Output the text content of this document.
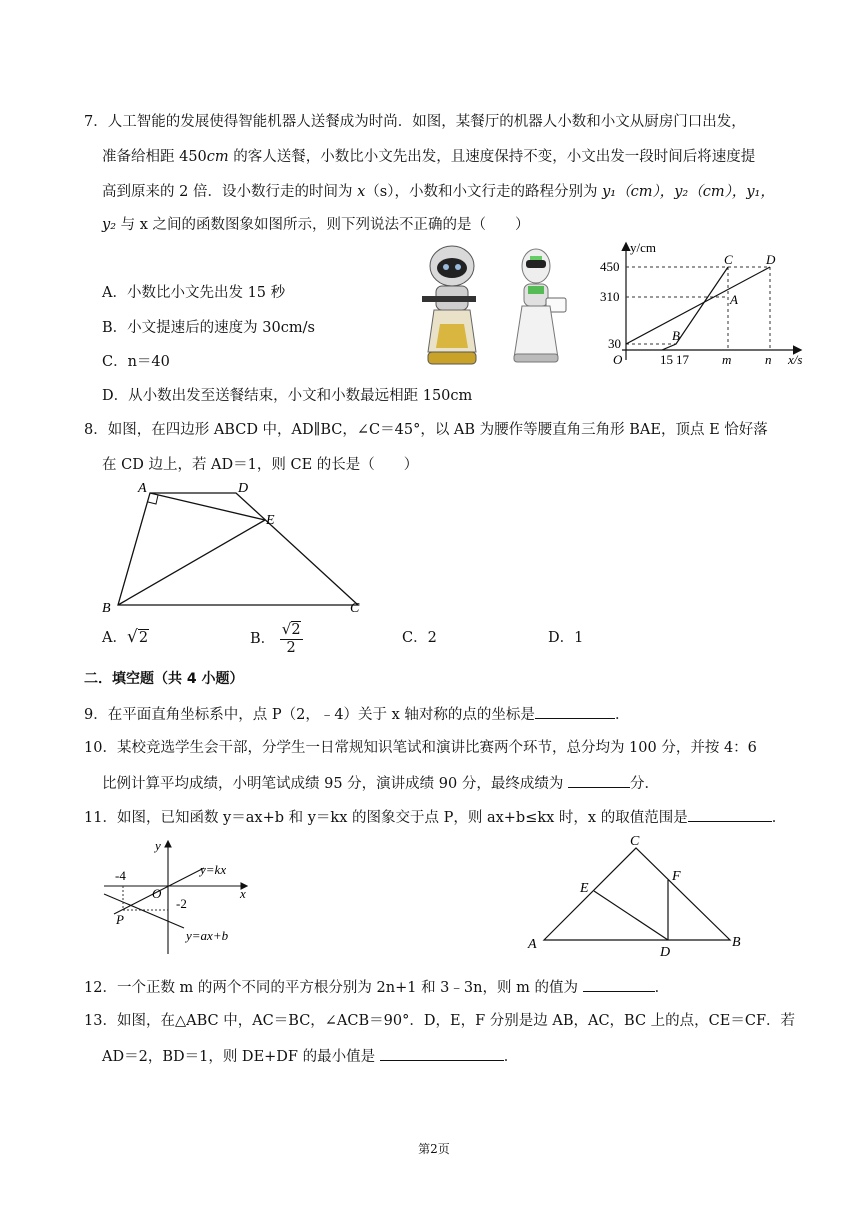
7．人工智能的发展使得智能机器人送餐成为时尚．如图，某餐厅的机器人小数和小文从厨房门口出发，
准备给相距 450cm 的客人送餐，小数比小文先出发，且速度保持不变，小文出发一段时间后将速度提
高到原来的 2 倍．设小数行走的时间为 x（s），小数和小文行走的路程分别为 y₁（cm），y₂（cm），y₁，
y₂ 与 x 之间的函数图象如图所示，则下列说法不正确的是（　　）
A．小数比小文先出发 15 秒
B．小文提速后的速度为 30cm/s
C．n＝40
D．从小数出发至送餐结束，小文和小数最远相距 150cm
y/cm
x/s
450
310
30
O	15 17	m	n
C	D
A
B
8．如图，在四边形 ABCD 中，AD∥BC，∠C＝45°，以 AB 为腰作等腰直角三角形 BAE，顶点 E 恰好落
在 CD 边上，若 AD＝1，则 CE 的长是（　　）
A	D
E
B	C
A．√2	B． $\frac{√2}{2}$	C．2	D．1
二．填空题（共 4 小题）
9．在平面直角坐标系中，点 P（2，﹣4）关于 x 轴对称的点的坐标是	．
10．某校竞选学生会干部，分学生一日常规知识笔试和演讲比赛两个环节，总分均为 100 分，并按 4：6
比例计算平均成绩，小明笔试成绩 95 分，演讲成绩 90 分，最终成绩为	分．
11．如图，已知函数 y＝ax+b 和 y＝kx 的图象交于点 P，则 ax+b≤kx 时，x 的取值范围是	．
y
x
O
-4
-2
P
y=kx
y=ax+b
C
E
F
A
D
B
12．一个正数 m 的两个不同的平方根分别为 2n+1 和 3﹣3n，则 m 的值为	．
13．如图，在△ABC 中，AC＝BC，∠ACB＝90°．D，E，F 分别是边 AB，AC，BC 上的点，CE＝CF．若
AD＝2，BD＝1，则 DE+DF 的最小值是	．
第2页
